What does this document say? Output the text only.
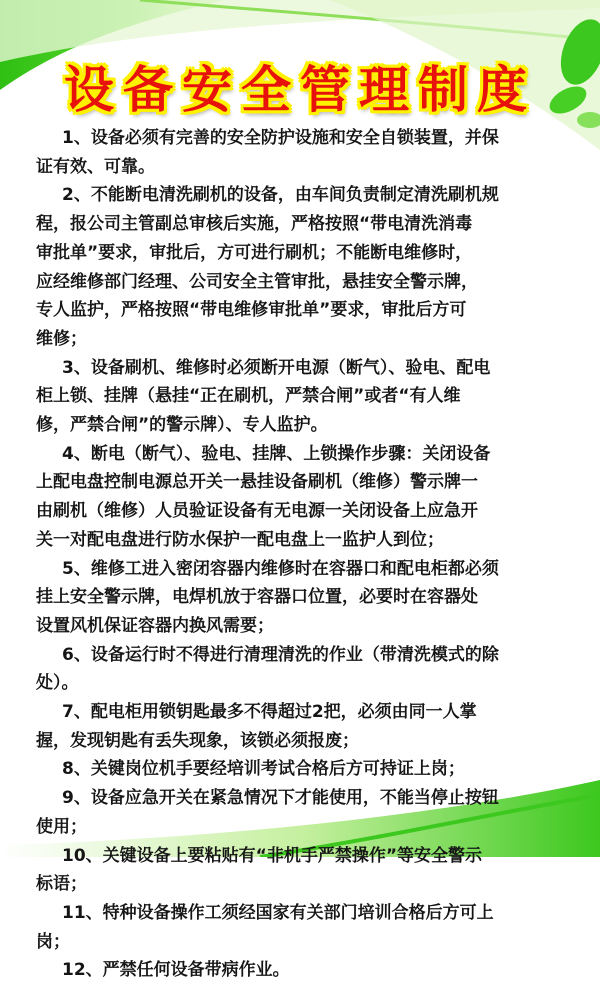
设备安全管理制度
1、设备必须有完善的安全防护设施和安全自锁装置，并保
证有效、可靠。
2、不能断电清洗刷机的设备，由车间负责制定清洗刷机规
程，报公司主管副总审核后实施，严格按照“带电清洗消毒
审批单”要求，审批后，方可进行刷机；不能断电维修时，
应经维修部门经理、公司安全主管审批，悬挂安全警示牌，
专人监护，严格按照“带电维修审批单”要求，审批后方可
维修；
3、设备刷机、维修时必须断开电源（断气）、验电、配电
柜上锁、挂牌（悬挂“正在刷机，严禁合闸”或者“有人维
修，严禁合闸”的警示牌）、专人监护。
4、断电（断气）、验电、挂牌、上锁操作步骤：关闭设备
上配电盘控制电源总开关一悬挂设备刷机（维修）警示牌一
由刷机（维修）人员验证设备有无电源一关闭设备上应急开
关一对配电盘进行防水保护一配电盘上一监护人到位；
5、维修工进入密闭容器内维修时在容器口和配电柜都必须
挂上安全警示牌，电焊机放于容器口位置，必要时在容器处
设置风机保证容器内换风需要；
6、设备运行时不得进行清理清洗的作业（带清洗模式的除
处）。
7、配电柜用锁钥匙最多不得超过2把，必须由同一人掌
握，发现钥匙有丢失现象，该锁必须报废；
8、关键岗位机手要经培训考试合格后方可持证上岗；
9、设备应急开关在紧急情况下才能使用，不能当停止按钮
使用；
10、关键设备上要粘贴有“非机手严禁操作”等安全警示
标语；
11、特种设备操作工须经国家有关部门培训合格后方可上
岗；
12、严禁任何设备带病作业。
